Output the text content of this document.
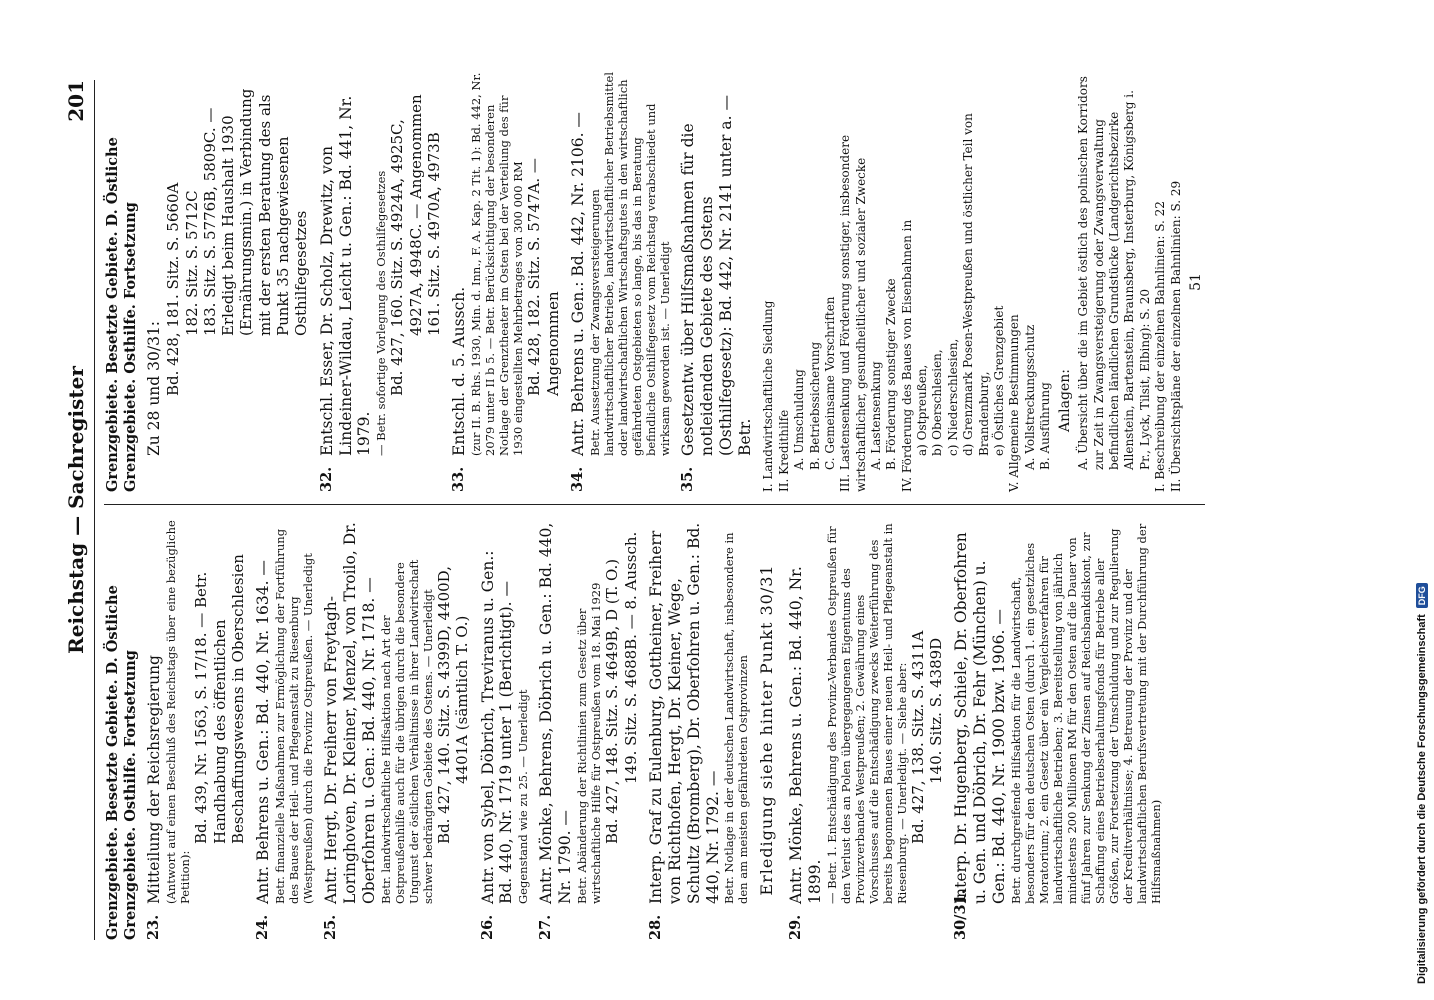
Reichstag — Sachregister
201
Grenzgebiete. Besetzte Gebiete. D. Östliche Grenzgebiete. Osthilfe. Fortsetzung 23.
Mitteilung der Reichsregierung (Antwort auf einen Beschluß des Reichstags über eine bezügliche Petition):
Bd. 439, Nr. 1563, S. 17/18. — Betr. Handhabung des öffentlichen Beschaffungswesens in Oberschlesien
24.
Antr. Behrens u. Gen.: Bd. 440, Nr. 1634. — Betr. finanzielle Maßnahmen zur Ermöglichung der Fortführung des Baues der Heil- und Pflegeanstalt zu Riesenburg (Westpreußen) durch die Provinz Ostpreußen. — Unerledigt
25.
Antr. Hergt, Dr. Freiherr von Freytagh-Loringhoven, Dr. Kleiner, Menzel, von Troilo, Dr. Oberfohren u. Gen.: Bd. 440, Nr. 1718. — Betr. landwirtschaftliche Hilfsaktion nach Art der Ostpreußenhilfe auch für die übrigen durch die besondere Ungunst der östlichen Verhältnisse in ihrer Landwirtschaft schwer bedrängten Gebiete des Ostens. — Unerledigt Bd. 427, 140. Sitz. S. 4399D, 4400D, 4401A (sämtlich T. O.)
26.
Antr. von Sybel, Döbrich, Treviranus u. Gen.: Bd. 440, Nr. 1719 unter 1 (Berichtigt). — Gegenstand wie zu 25. — Unerledigt
27.
Antr. Mönke, Behrens, Döbrich u. Gen.: Bd. 440, Nr. 1790. — Betr. Abänderung der Richtlinien zum Gesetz über wirtschaftliche Hilfe für Ostpreußen vom 18. Mai 1929 Bd. 427, 148. Sitz. S. 4649B, D (T. O.) 149. Sitz. S. 4688B. — 8. Aussch.
28.
Interp. Graf zu Eulenburg, Gottheiner, Freiherr von Richthofen, Hergt, Dr. Kleiner, Wege, Schultz (Bromberg), Dr. Oberfohren u. Gen.: Bd. 440, Nr. 1792. — Betr. Notlage in der deutschen Landwirtschaft, insbesondere in den am meisten gefährdeten Ostprovinzen Erledigung siehe hinter Punkt 30/31
29.
Antr. Mönke, Behrens u. Gen.: Bd. 440, Nr. 1899. — Betr. 1. Entschädigung des Provinz-Verbandes Ostpreußen für den Verlust des an Polen übergegangenen Eigentums des Provinzverbandes Westpreußen; 2. Gewährung eines Vorschusses auf die Entschädigung zwecks Weiterführung des bereits begonnenen Baues einer neuen Heil- und Pflegeanstalt in Riesenburg. — Unerledigt. — Siehe aber: Bd. 427, 138. Sitz. S. 4311A 140. Sitz. S. 4389D
30/31.
Interp. Dr. Hugenberg, Schiele, Dr. Oberfohren u. Gen. und Döbrich, Dr. Fehr (München) u. Gen.: Bd. 440, Nr. 1900 bzw. 1906. — Betr. durchgreifende Hilfsaktion für die Landwirtschaft, besonders für den deutschen Osten (durch 1. ein gesetzliches Moratorium; 2. ein Gesetz über ein Vergleichsverfahren für landwirtschaftliche Betrieben; 3. Bereitstellung von jährlich mindestens 200 Millionen RM für den Osten auf die Dauer von fünf Jahren zur Senkung der Zinsen auf Reichsbankdiskont, zur Schaffung eines Betriebserhaltungsfonds für Betriebe aller Größen, zur Fortsetzung der Umschuldung und zur Regulierung der Kreditverhältnisse; 4. Betreuung der Provinz und der landwirtschaftlichen Berufsvertretung mit der Durchführung der Hilfsmaßnahmen)
Grenzgebiete. Besetzte Gebiete. D. Östliche Grenzgebiete. Osthilfe. Fortsetzung Zu 28 und 30/31: Bd. 428, 181. Sitz. S. 5660A 182. Sitz. S. 5712C 183. Sitz. S. 5776B, 5809C. — Erledigt beim Haushalt 1930 (Ernährungsmin.) in Verbindung mit der ersten Beratung des als Punkt 35 nachgewiesenen Osthilfegesetzes
32.
Entschl. Esser, Dr. Scholz, Drewitz, von Lindeiner-Wildau, Leicht u. Gen.: Bd. 441, Nr. 1979. — Betr. sofortige Vorlegung des Osthilfegesetzes Bd. 427, 160. Sitz. S. 4924A, 4925C, 4927A, 4948C. — Angenommen 161. Sitz. S. 4970A, 4973B
33.
Entschl. d. 5. Aussch. (zur II. B. Rhs. 1930, Min. d. Inn., F. A. Kap. 2 Tit. 1): Bd. 442, Nr. 2079 unter II b 5. — Betr. Berücksichtigung der besonderen Notlage der Grenztheater im Osten bei der Verteilung des für 1930 eingestellten Mehrbetrages von 300 000 RM Bd. 428, 182. Sitz. S. 5747A. — Angenommen
34.
Antr. Behrens u. Gen.: Bd. 442, Nr. 2106. — Betr. Aussetzung der Zwangsversteigerungen landwirtschaftlicher Betriebe, landwirtschaftlicher Betriebsmittel oder landwirtschaftlichen Wirtschaftsgutes in den wirtschaftlich gefährdeten Ostgebieten so lange, bis das in Beratung befindliche Osthilfegesetz vom Reichstag verabschiedet und wirksam geworden ist. — Unerledigt
35.
Gesetzentw. über Hilfsmaßnahmen für die notleidenden Gebiete des Ostens (Osthilfegesetz): Bd. 442, Nr. 2141 unter a. — Betr. I. Landwirtschaftliche Siedlung II. Kredithilfe A. Umschuldung B. Betriebssicherung C. Gemeinsame Vorschriften III. Lastensenkung und Förderung sonstiger, insbesondere wirtschaftlicher, gesundheitlicher und sozialer Zwecke A. Lastensenkung B. Förderung sonstiger Zwecke IV. Förderung des Baues von Eisenbahnen in a) Ostpreußen, b) Oberschlesien, c) Niederschlesien, d) Grenzmark Posen-Westpreußen und östlicher Teil von Brandenburg, e) Östliches Grenzgebiet V. Allgemeine Bestimmungen A. Vollstreckungsschutz B. Ausführung Anlagen: A. Übersicht über die im Gebiet östlich des polnischen Korridors zur Zeit in Zwangsversteigerung oder Zwangsverwaltung befindlichen ländlichen Grundstücke (Landgerichtsbezirke Allenstein, Bartenstein, Braunsberg, Insterburg, Königsberg i. Pr., Lyck, Tilsit, Elbing): S. 20 I. Beschreibung der einzelnen Bahnlinien: S. 22 II. Übersichtspläne der einzelnen Bahnlinien: S. 29 51
Digitalisierung gefördert durch die Deutsche Forschungsgemeinschaft
DFG
